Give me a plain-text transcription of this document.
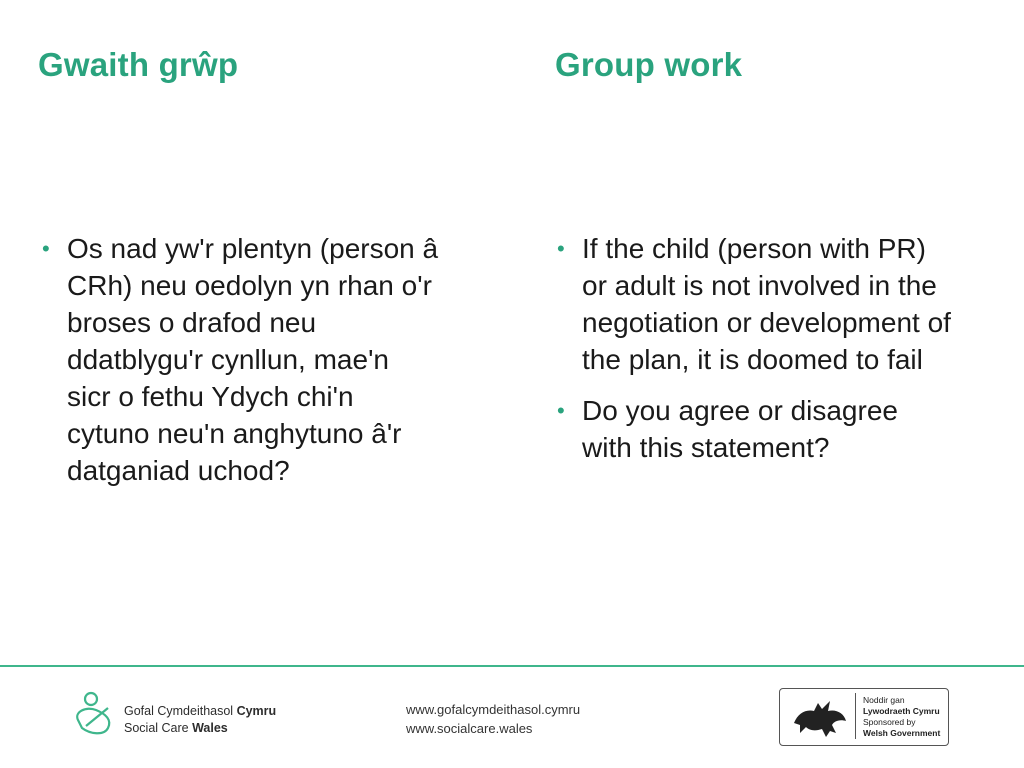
Gwaith grŵp	Group work
• Os nad yw'r plentyn (person â CRh) neu oedolyn yn rhan o'r broses o drafod neu ddatblygu'r cynllun, mae'n sicr o fethu Ydych chi'n cytuno neu'n anghytuno â'r datganiad uchod?
• If the child (person with PR) or adult is not involved in the negotiation or development of the plan, it is doomed to fail
• Do you agree or disagree with this statement?
Gofal Cymdeithasol Cymru
Social Care Wales
www.gofalcymdeithasol.cymru
www.socialcare.wales
Noddir gan
Lywodraeth Cymru
Sponsored by
Welsh Government
